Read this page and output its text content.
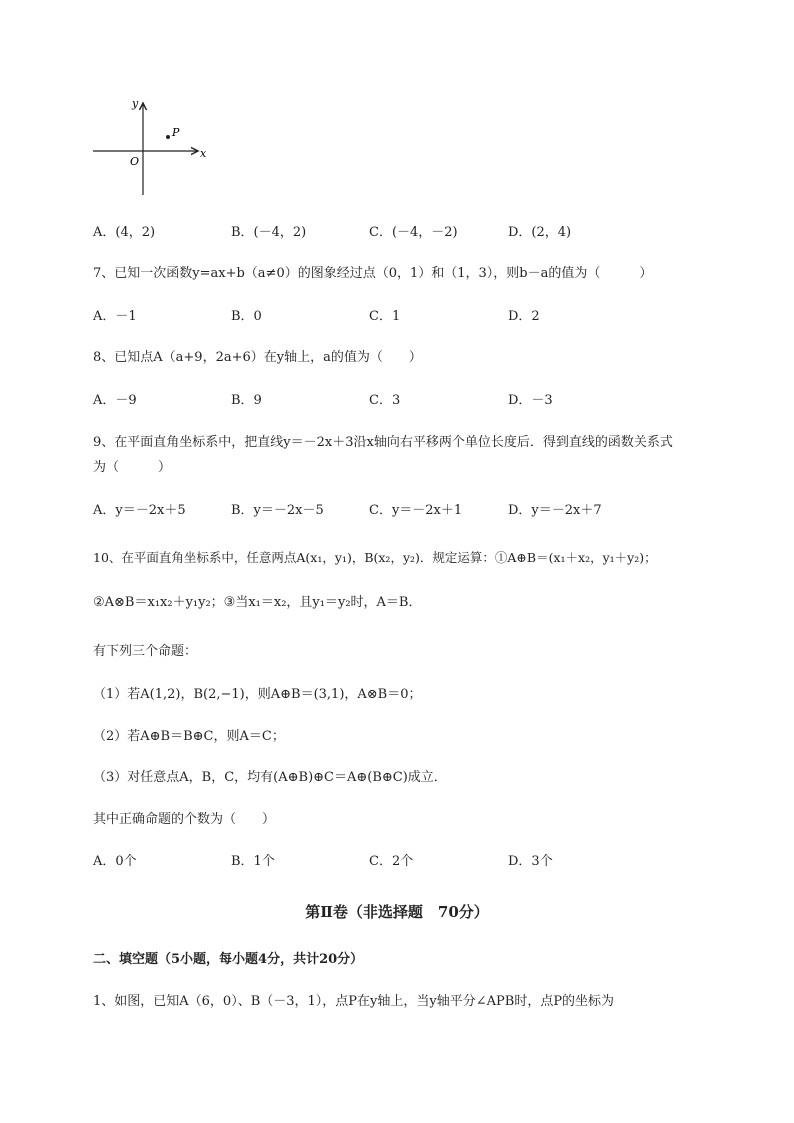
y
x
O
P
A．(4，2)	B．(－4，2)	C．(－4，－2)	D．(2，4)
7、已知一次函数y=ax+b（a≠0）的图象经过点（0，1）和（1，3），则b－a的值为（　　　）
A．－1	B．0	C．1	D．2
8、已知点A（a+9，2a+6）在y轴上，a的值为（　　）
A．－9	B．9	C．3	D．－3
9、在平面直角坐标系中，把直线y＝－2x＋3沿x轴向右平移两个单位长度后．得到直线的函数关系式
为（　　　）
A．y＝－2x＋5	B．y＝－2x－5	C．y＝－2x＋1	D．y＝－2x＋7
10、在平面直角坐标系中，任意两点A(x₁，y₁)，B(x₂，y₂)．规定运算：①A⊕B＝(x₁＋x₂，y₁＋y₂)；
②A⊗B＝x₁x₂＋y₁y₂；③当x₁＝x₂，且y₁＝y₂时，A＝B．
有下列三个命题：
（1）若A(1,2)，B(2,−1)，则A⊕B＝(3,1)，A⊗B＝0；
（2）若A⊕B＝B⊕C，则A＝C；
（3）对任意点A，B，C，均有(A⊕B)⊕C＝A⊕(B⊕C)成立．
其中正确命题的个数为（　　）
A．0个	B．1个	C．2个	D．3个
第Ⅱ卷（非选择题　70分）
二、填空题（5小题，每小题4分，共计20分）
1、如图，已知A（6，0）、B（－3，1），点P在y轴上，当y轴平分∠APB时，点P的坐标为
